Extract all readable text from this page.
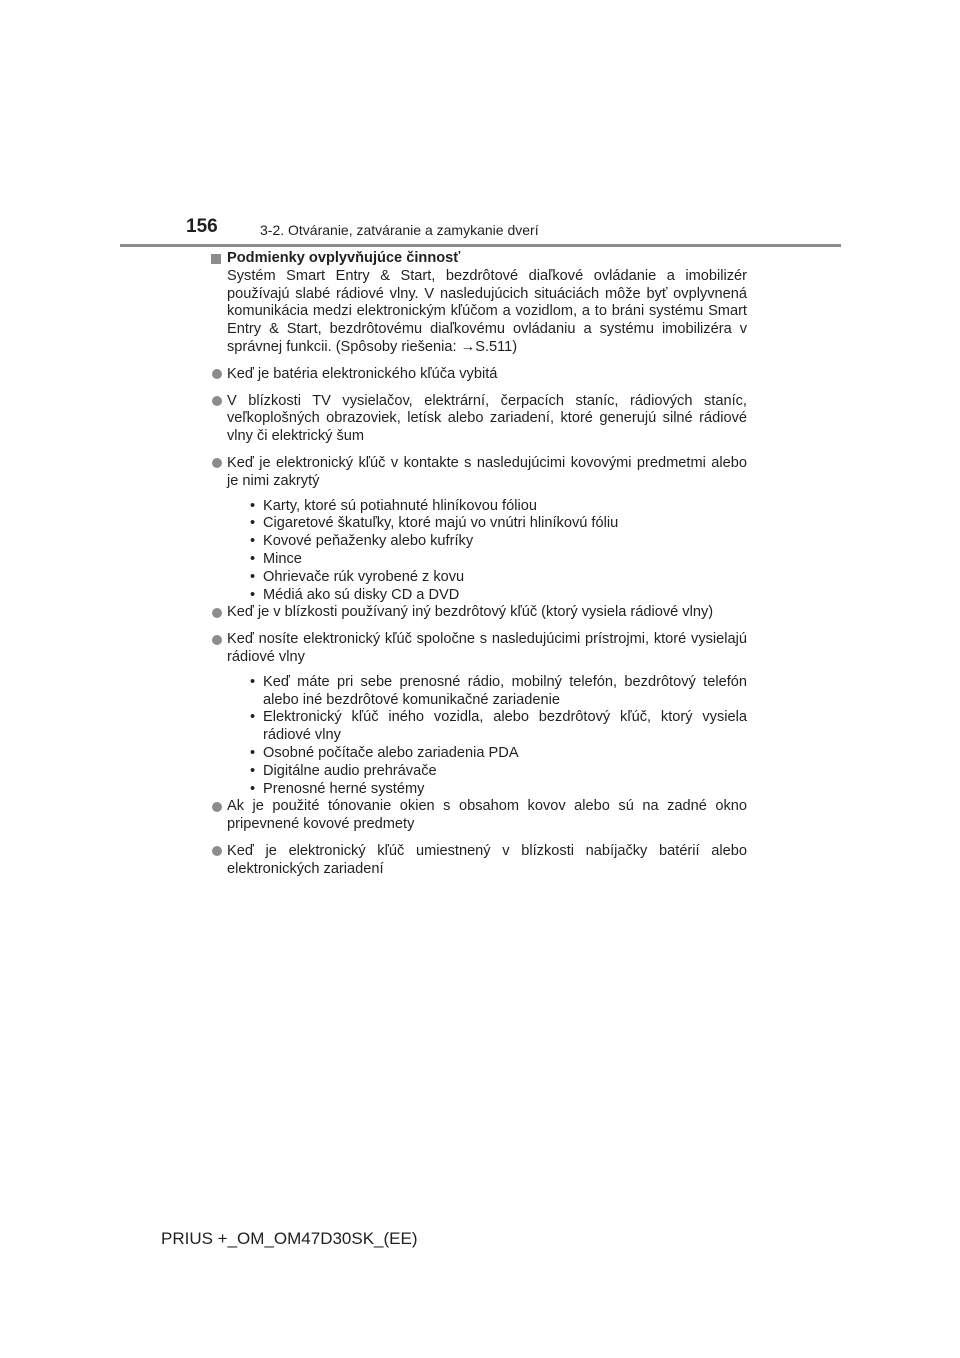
156	3-2. Otváranie, zatváranie a zamykanie dverí
Podmienky ovplyvňujúce činnosť
Systém Smart Entry & Start, bezdrôtové diaľkové ovládanie a imobilizér používajú slabé rádiové vlny. V nasledujúcich situáciách môže byť ovplyvnená komunikácia medzi elektronickým kľúčom a vozidlom, a to bráni systému Smart Entry & Start, bezdrôtovému diaľkovému ovládaniu a systému imobilizéra v správnej funkcii. (Spôsoby riešenia: →S.511)
Keď je batéria elektronického kľúča vybitá
V blízkosti TV vysielačov, elektrární, čerpacích staníc, rádiových staníc, veľkoplošných obrazoviek, letísk alebo zariadení, ktoré generujú silné rádiové vlny či elektrický šum
Keď je elektronický kľúč v kontakte s nasledujúcimi kovovými predmetmi alebo je nimi zakrytý
• Karty, ktoré sú potiahnuté hliníkovou fóliou
• Cigaretové škatuľky, ktoré majú vo vnútri hliníkovú fóliu
• Kovové peňaženky alebo kufríky
• Mince
• Ohrievače rúk vyrobené z kovu
• Médiá ako sú disky CD a DVD
Keď je v blízkosti používaný iný bezdrôtový kľúč (ktorý vysiela rádiové vlny)
Keď nosíte elektronický kľúč spoločne s nasledujúcimi prístrojmi, ktoré vysielajú rádiové vlny
• Keď máte pri sebe prenosné rádio, mobilný telefón, bezdrôtový telefón alebo iné bezdrôtové komunikačné zariadenie
• Elektronický kľúč iného vozidla, alebo bezdrôtový kľúč, ktorý vysiela rádiové vlny
• Osobné počítače alebo zariadenia PDA
• Digitálne audio prehrávače
• Prenosné herné systémy
Ak je použité tónovanie okien s obsahom kovov alebo sú na zadné okno pripevnené kovové predmety
Keď je elektronický kľúč umiestnený v blízkosti nabíjačky batérií alebo elektronických zariadení
PRIUS +_OM_OM47D30SK_(EE)
